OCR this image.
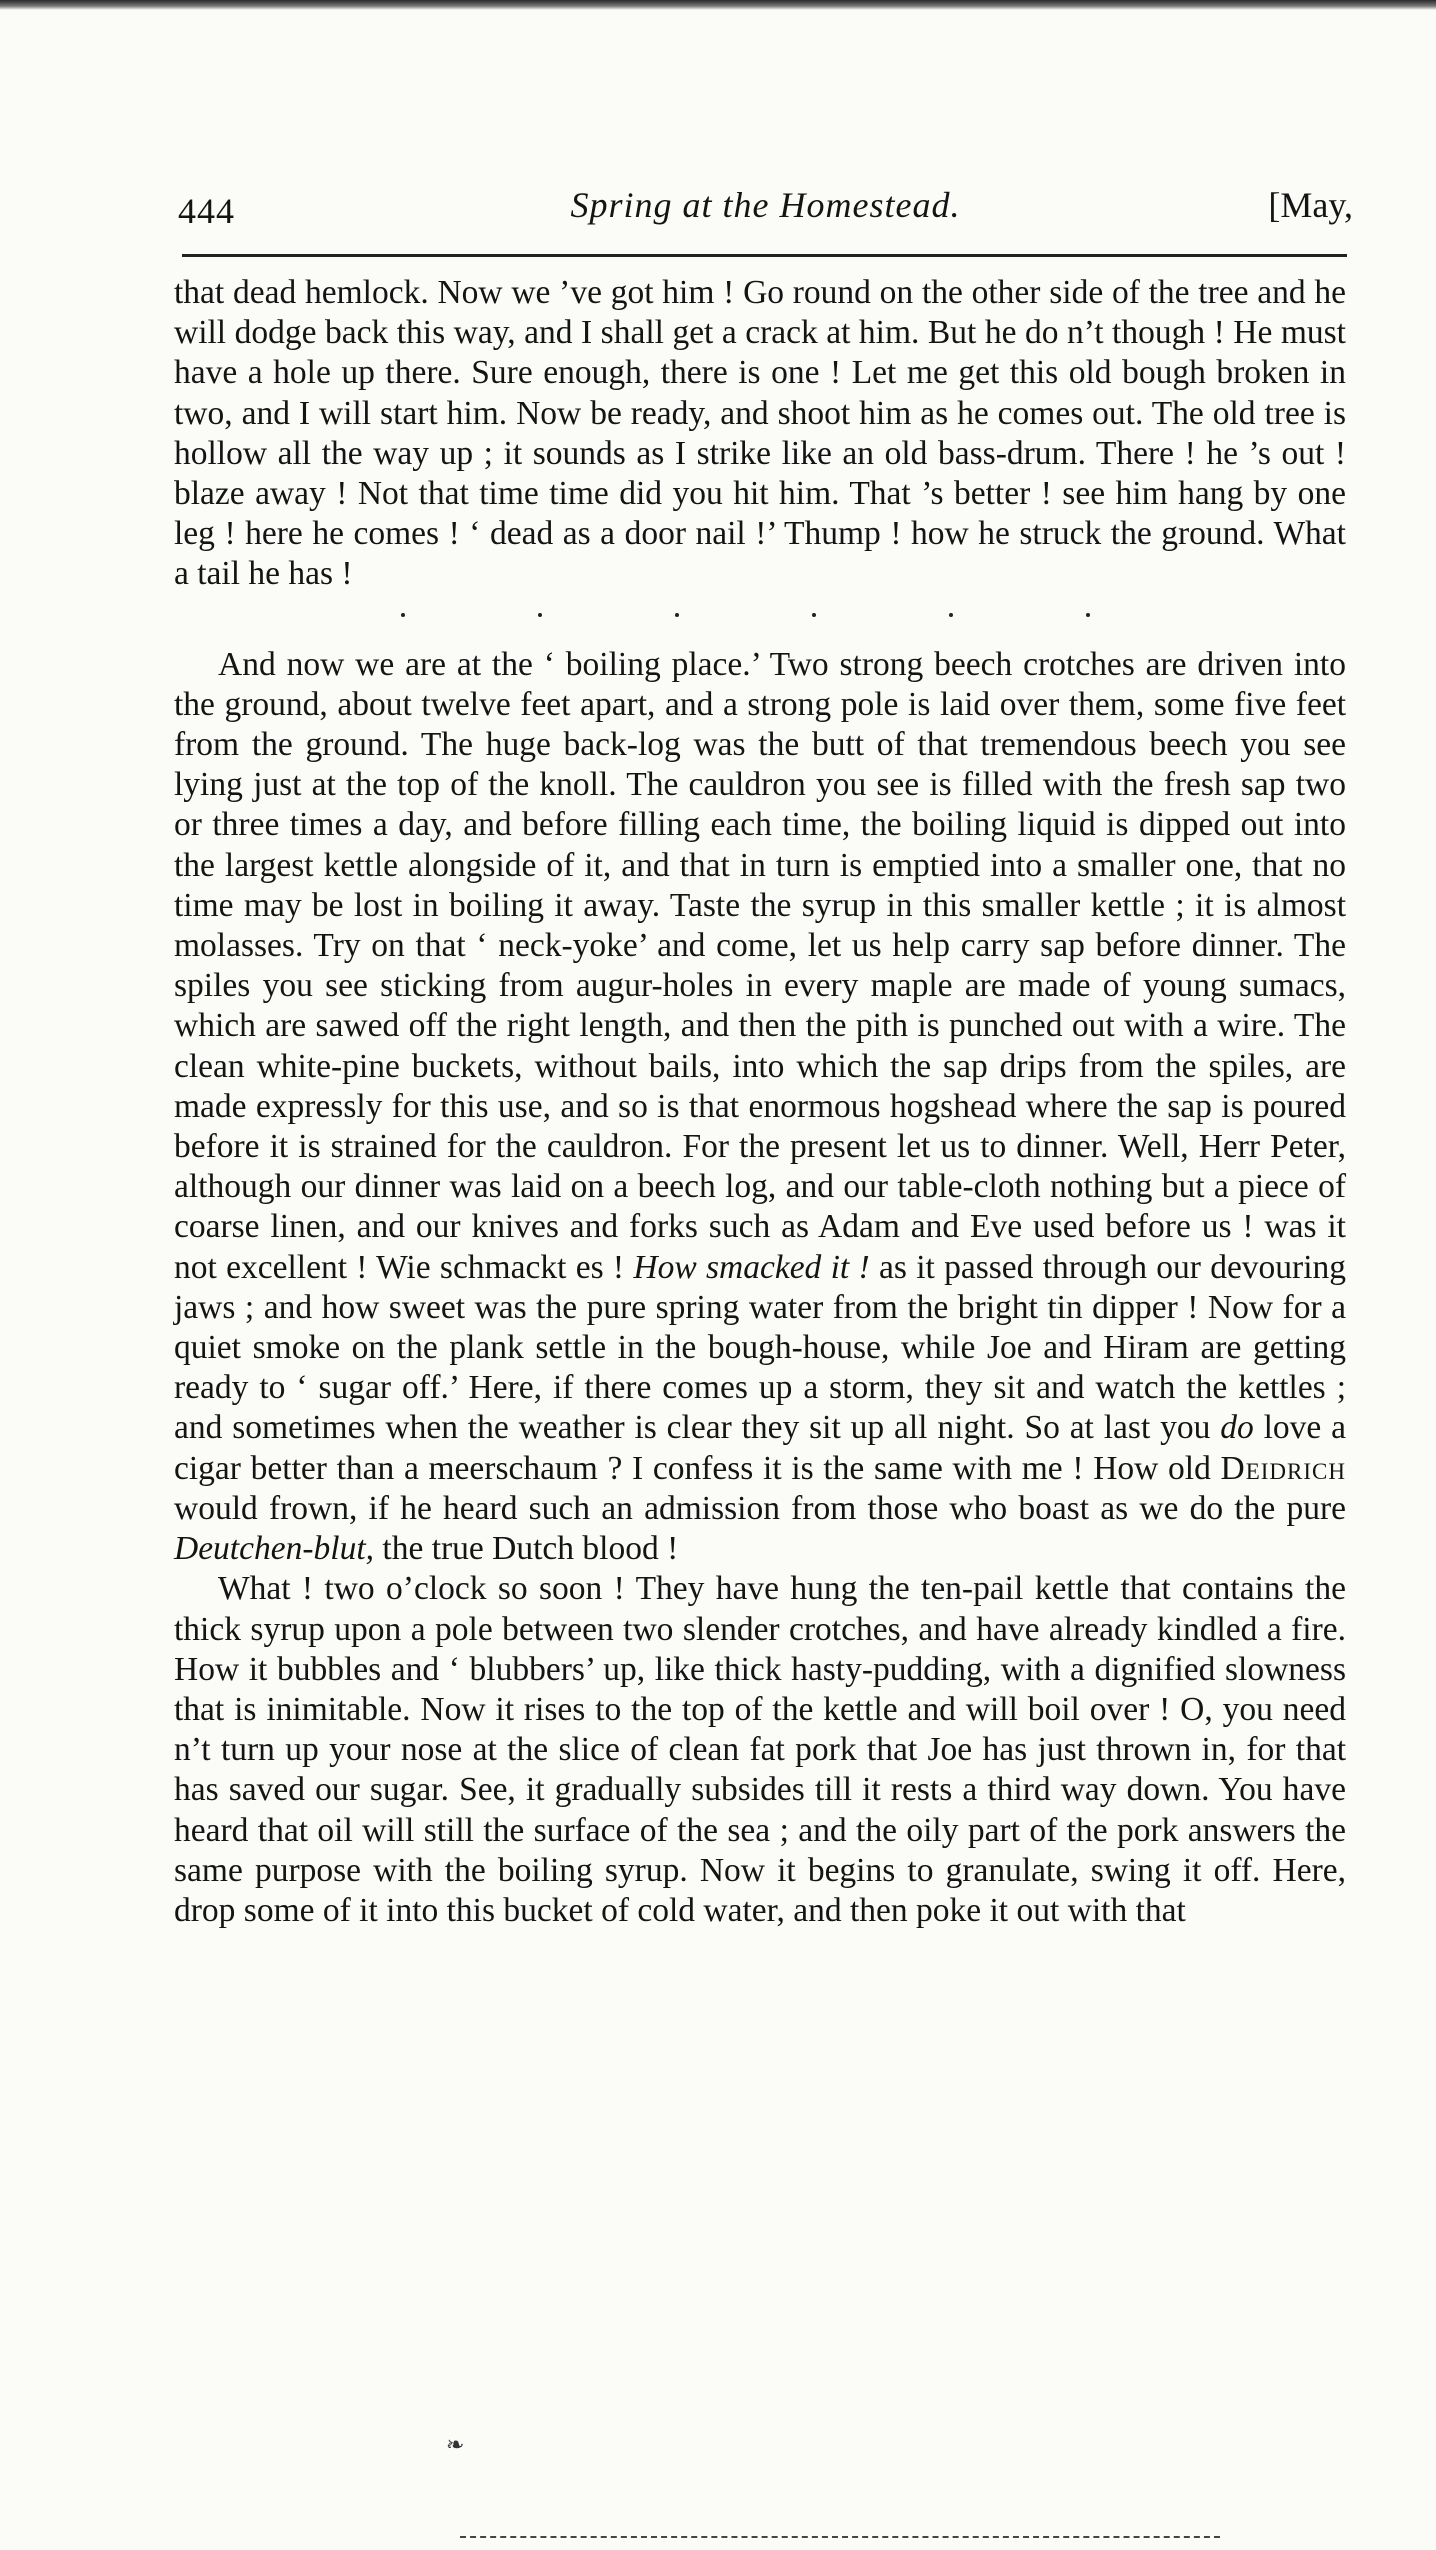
444	Spring at the Homestead.	[May,

that dead hemlock. Now we ’ve got him ! Go round on the other side of the tree and he will dodge back this way, and I shall get a crack at him. But he do n’t though ! He must have a hole up there. Sure enough, there is one ! Let me get this old bough broken in two, and I will start him. Now be ready, and shoot him as he comes out. The old tree is hollow all the way up ; it sounds as I strike like an old bass-drum. There ! he ’s out ! blaze away ! Not that time time did you hit him. That ’s better ! see him hang by one leg ! here he comes ! ‘ dead as a door nail !’ Thump ! how he struck the ground. What a tail he has !

And now we are at the ‘ boiling place.’ Two strong beech crotches are driven into the ground, about twelve feet apart, and a strong pole is laid over them, some five feet from the ground. The huge back-log was the butt of that tremendous beech you see lying just at the top of the knoll. The cauldron you see is filled with the fresh sap two or three times a day, and before filling each time, the boiling liquid is dipped out into the largest kettle alongside of it, and that in turn is emptied into a smaller one, that no time may be lost in boiling it away. Taste the syrup in this smaller kettle ; it is almost molasses. Try on that ‘ neck-yoke’ and come, let us help carry sap before dinner. The spiles you see sticking from augur-holes in every maple are made of young sumacs, which are sawed off the right length, and then the pith is punched out with a wire. The clean white-pine buckets, without bails, into which the sap drips from the spiles, are made expressly for this use, and so is that enormous hogshead where the sap is poured before it is strained for the cauldron. For the present let us to dinner. Well, Herr Peter, although our dinner was laid on a beech log, and our table-cloth nothing but a piece of coarse linen, and our knives and forks such as Adam and Eve used before us ! was it not excellent ! Wie schmackt es ! How smacked it ! as it passed through our devouring jaws ; and how sweet was the pure spring water from the bright tin dipper ! Now for a quiet smoke on the plank settle in the bough-house, while Joe and Hiram are getting ready to ‘ sugar off.’ Here, if there comes up a storm, they sit and watch the kettles ; and sometimes when the weather is clear they sit up all night. So at last you do love a cigar better than a meerschaum ? I confess it is the same with me ! How old Deidrich would frown, if he heard such an admission from those who boast as we do the pure Deutchen-blut, the true Dutch blood !

What ! two o’clock so soon ! They have hung the ten-pail kettle that contains the thick syrup upon a pole between two slender crotches, and have already kindled a fire. How it bubbles and ‘ blubbers’ up, like thick hasty-pudding, with a dignified slowness that is inimitable. Now it rises to the top of the kettle and will boil over ! O, you need n’t turn up your nose at the slice of clean fat pork that Joe has just thrown in, for that has saved our sugar. See, it gradually subsides till it rests a third way down. You have heard that oil will still the surface of the sea ; and the oily part of the pork answers the same purpose with the boiling syrup. Now it begins to granulate, swing it off. Here, drop some of it into this bucket of cold water, and then poke it out with that

❧
